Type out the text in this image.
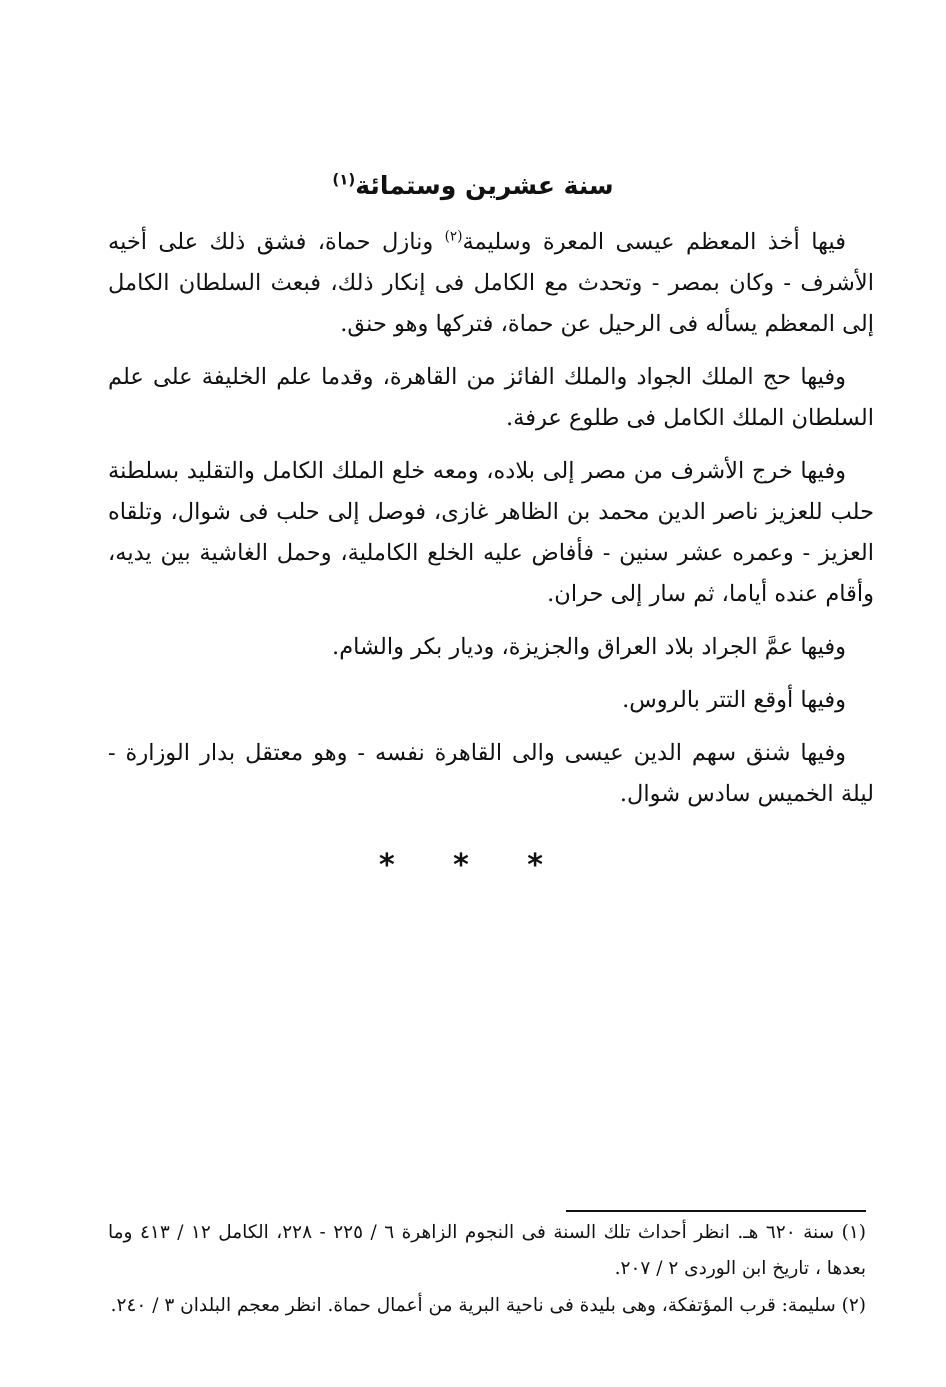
سنة عشرين وستمائة$^{(١)}$

فيها أخذ المعظم عيسى المعرة وسليمة$^{(٢)}$ ونازل حماة، فشق ذلك على أخيه الأشرف - وكان بمصر - وتحدث مع الكامل فى إنكار ذلك، فبعث السلطان الكامل إلى المعظم يسأله فى الرحيل عن حماة، فتركها وهو حنق.

وفيها حج الملك الجواد والملك الفائز من القاهرة، وقدما علم الخليفة على علم السلطان الملك الكامل فى طلوع عرفة.

وفيها خرج الأشرف من مصر إلى بلاده، ومعه خلع الملك الكامل والتقليد بسلطنة حلب للعزيز ناصر الدين محمد بن الظاهر غازى، فوصل إلى حلب فى شوال، وتلقاه العزيز - وعمره عشر سنين - فأفاض عليه الخلع الكاملية، وحمل الغاشية بين يديه، وأقام عنده أياما، ثم سار إلى حران.

وفيها عمَّ الجراد بلاد العراق والجزيزة، وديار بكر والشام.

وفيها أوقع التتر بالروس.

وفيها شنق سهم الدين عيسى والى القاهرة نفسه - وهو معتقل بدار الوزارة - ليلة الخميس سادس شوال.

* * *

(١) سنة ٦٢٠ هـ. انظر أحداث تلك السنة فى النجوم الزاهرة ٦ / ٢٢٥ - ٢٢٨، الكامل ١٢ / ٤١٣ وما بعدها ، تاريخ ابن الوردى ٢ / ٢٠٧.

(٢) سليمة: قرب المؤتفكة، وهى بليدة فى ناحية البرية من أعمال حماة. انظر معجم البلدان ٣ / ٢٤٠.
